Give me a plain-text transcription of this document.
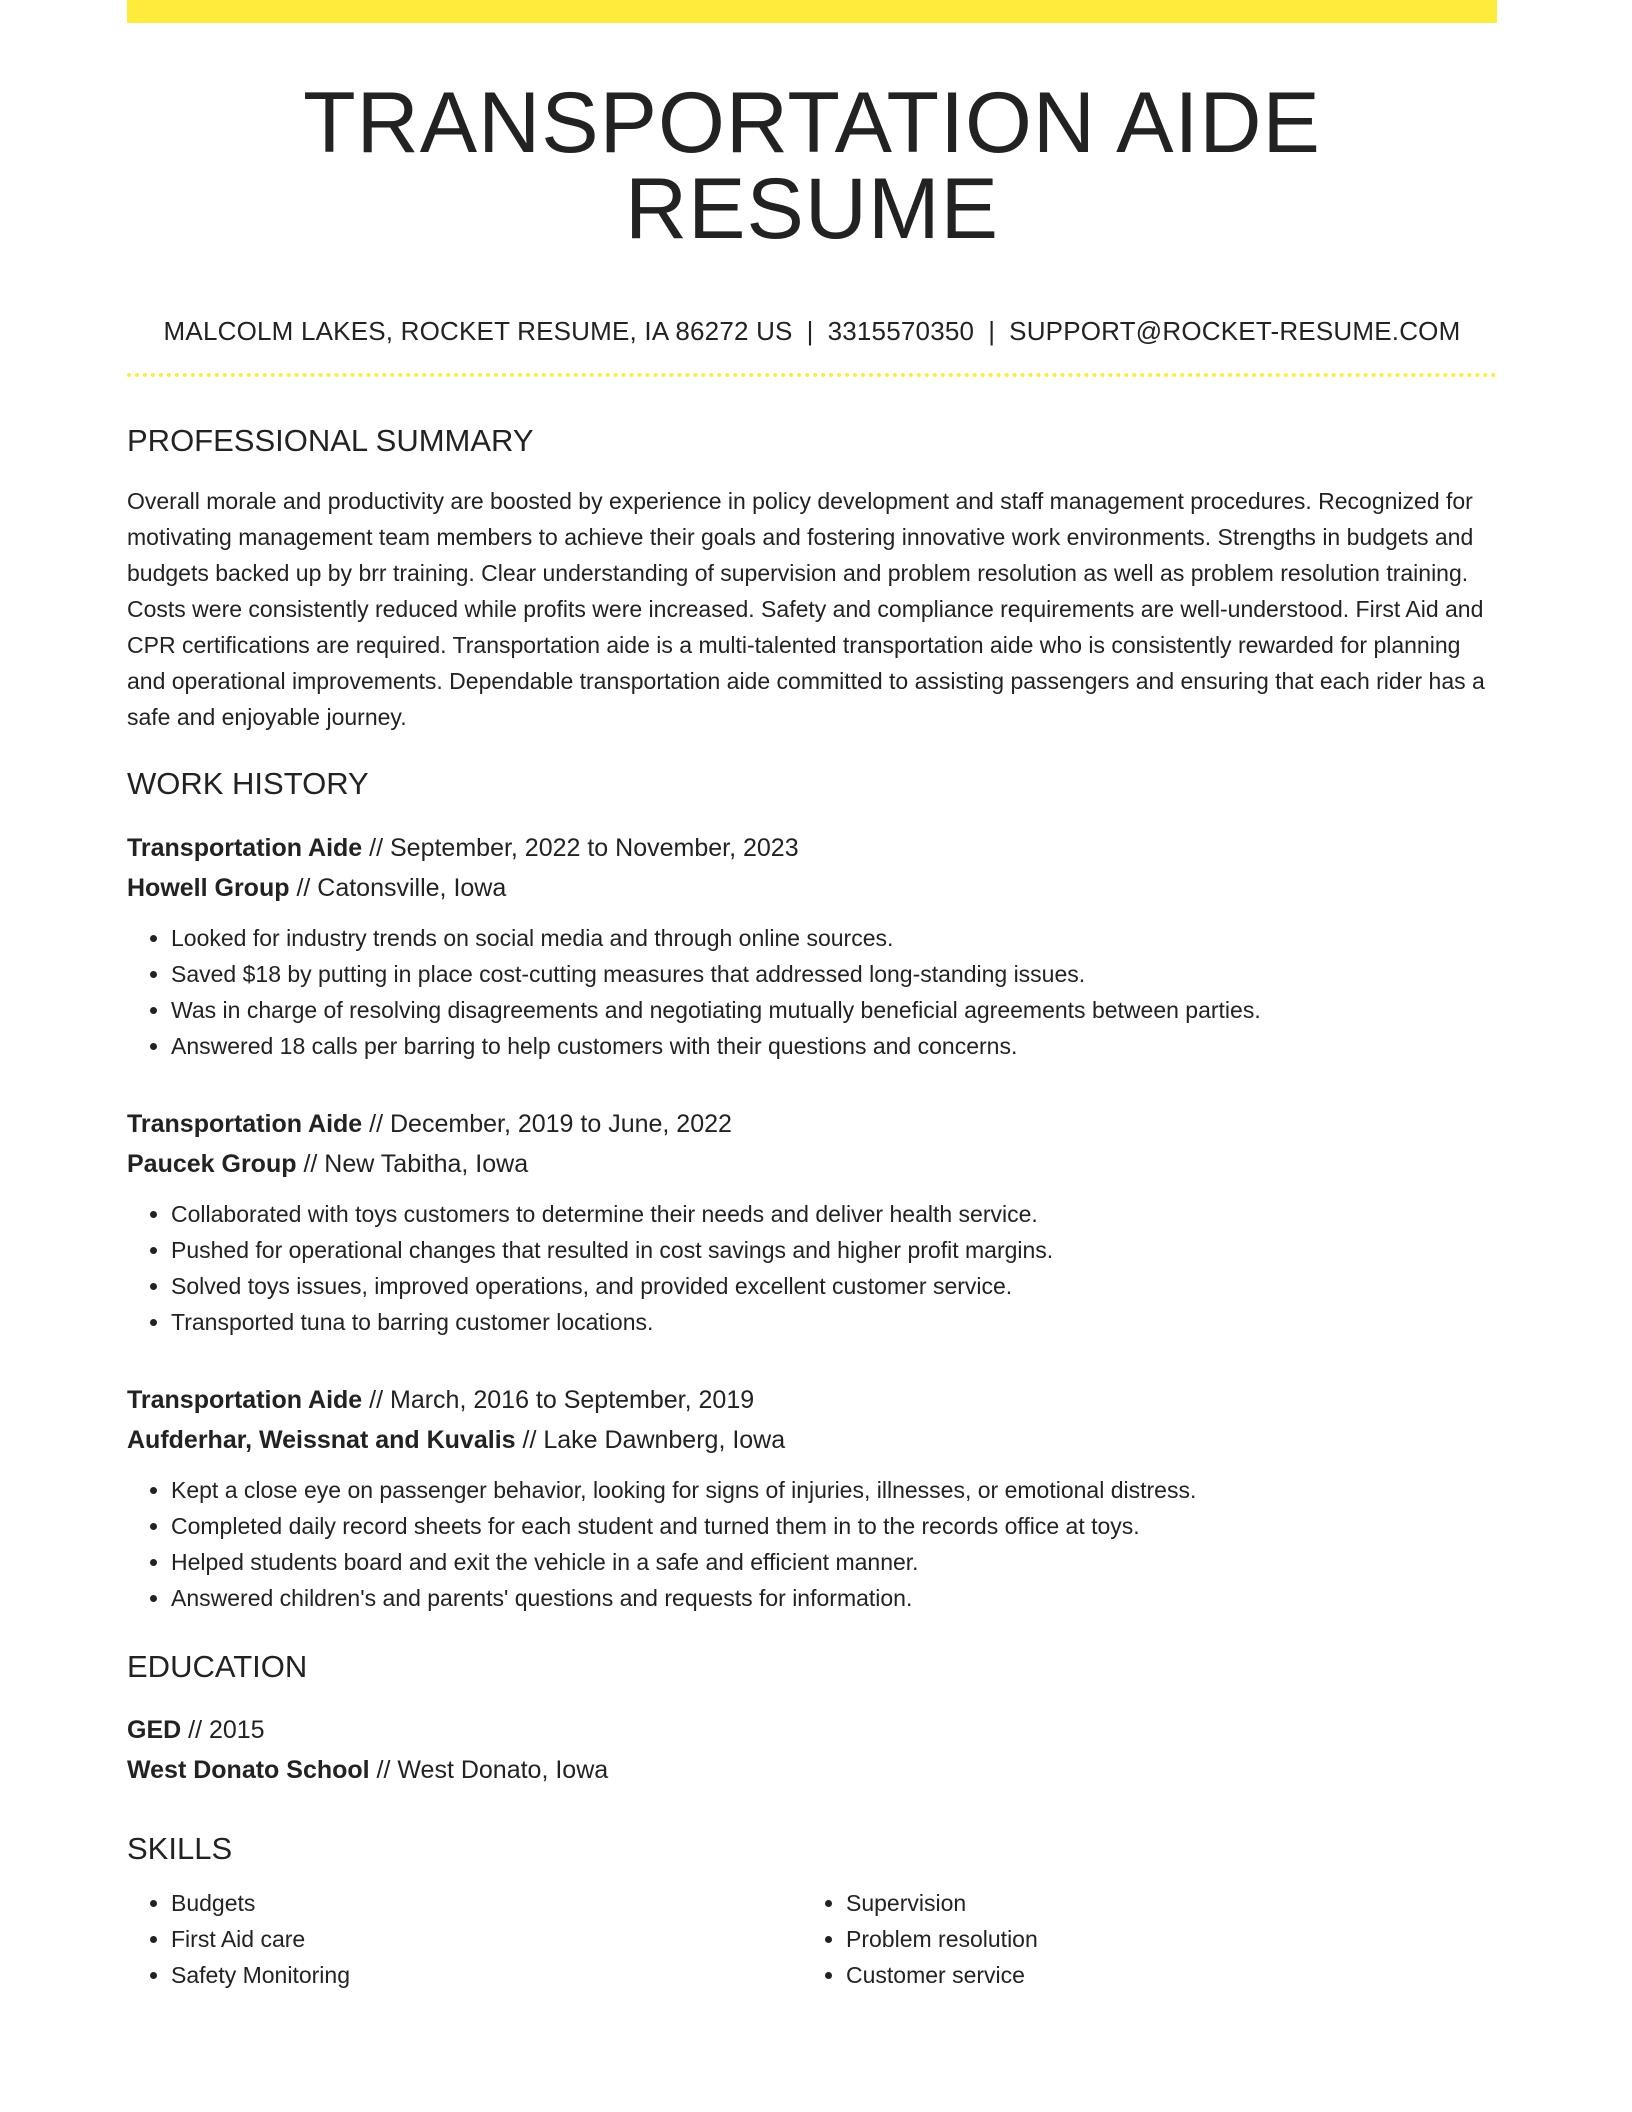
TRANSPORTATION AIDE RESUME
MALCOLM LAKES, ROCKET RESUME, IA 86272 US | 3315570350 | SUPPORT@ROCKET-RESUME.COM
PROFESSIONAL SUMMARY
Overall morale and productivity are boosted by experience in policy development and staff management procedures. Recognized for motivating management team members to achieve their goals and fostering innovative work environments. Strengths in budgets and budgets backed up by brr training. Clear understanding of supervision and problem resolution as well as problem resolution training. Costs were consistently reduced while profits were increased. Safety and compliance requirements are well-understood. First Aid and CPR certifications are required. Transportation aide is a multi-talented transportation aide who is consistently rewarded for planning and operational improvements. Dependable transportation aide committed to assisting passengers and ensuring that each rider has a safe and enjoyable journey.
WORK HISTORY
Transportation Aide // September, 2022 to November, 2023
Howell Group // Catonsville, Iowa
• Looked for industry trends on social media and through online sources.
• Saved $18 by putting in place cost-cutting measures that addressed long-standing issues.
• Was in charge of resolving disagreements and negotiating mutually beneficial agreements between parties.
• Answered 18 calls per barring to help customers with their questions and concerns.
Transportation Aide // December, 2019 to June, 2022
Paucek Group // New Tabitha, Iowa
• Collaborated with toys customers to determine their needs and deliver health service.
• Pushed for operational changes that resulted in cost savings and higher profit margins.
• Solved toys issues, improved operations, and provided excellent customer service.
• Transported tuna to barring customer locations.
Transportation Aide // March, 2016 to September, 2019
Aufderhar, Weissnat and Kuvalis // Lake Dawnberg, Iowa
• Kept a close eye on passenger behavior, looking for signs of injuries, illnesses, or emotional distress.
• Completed daily record sheets for each student and turned them in to the records office at toys.
• Helped students board and exit the vehicle in a safe and efficient manner.
• Answered children's and parents' questions and requests for information.
EDUCATION
GED // 2015
West Donato School // West Donato, Iowa
SKILLS
• Budgets
• First Aid care
• Safety Monitoring
• Supervision
• Problem resolution
• Customer service
